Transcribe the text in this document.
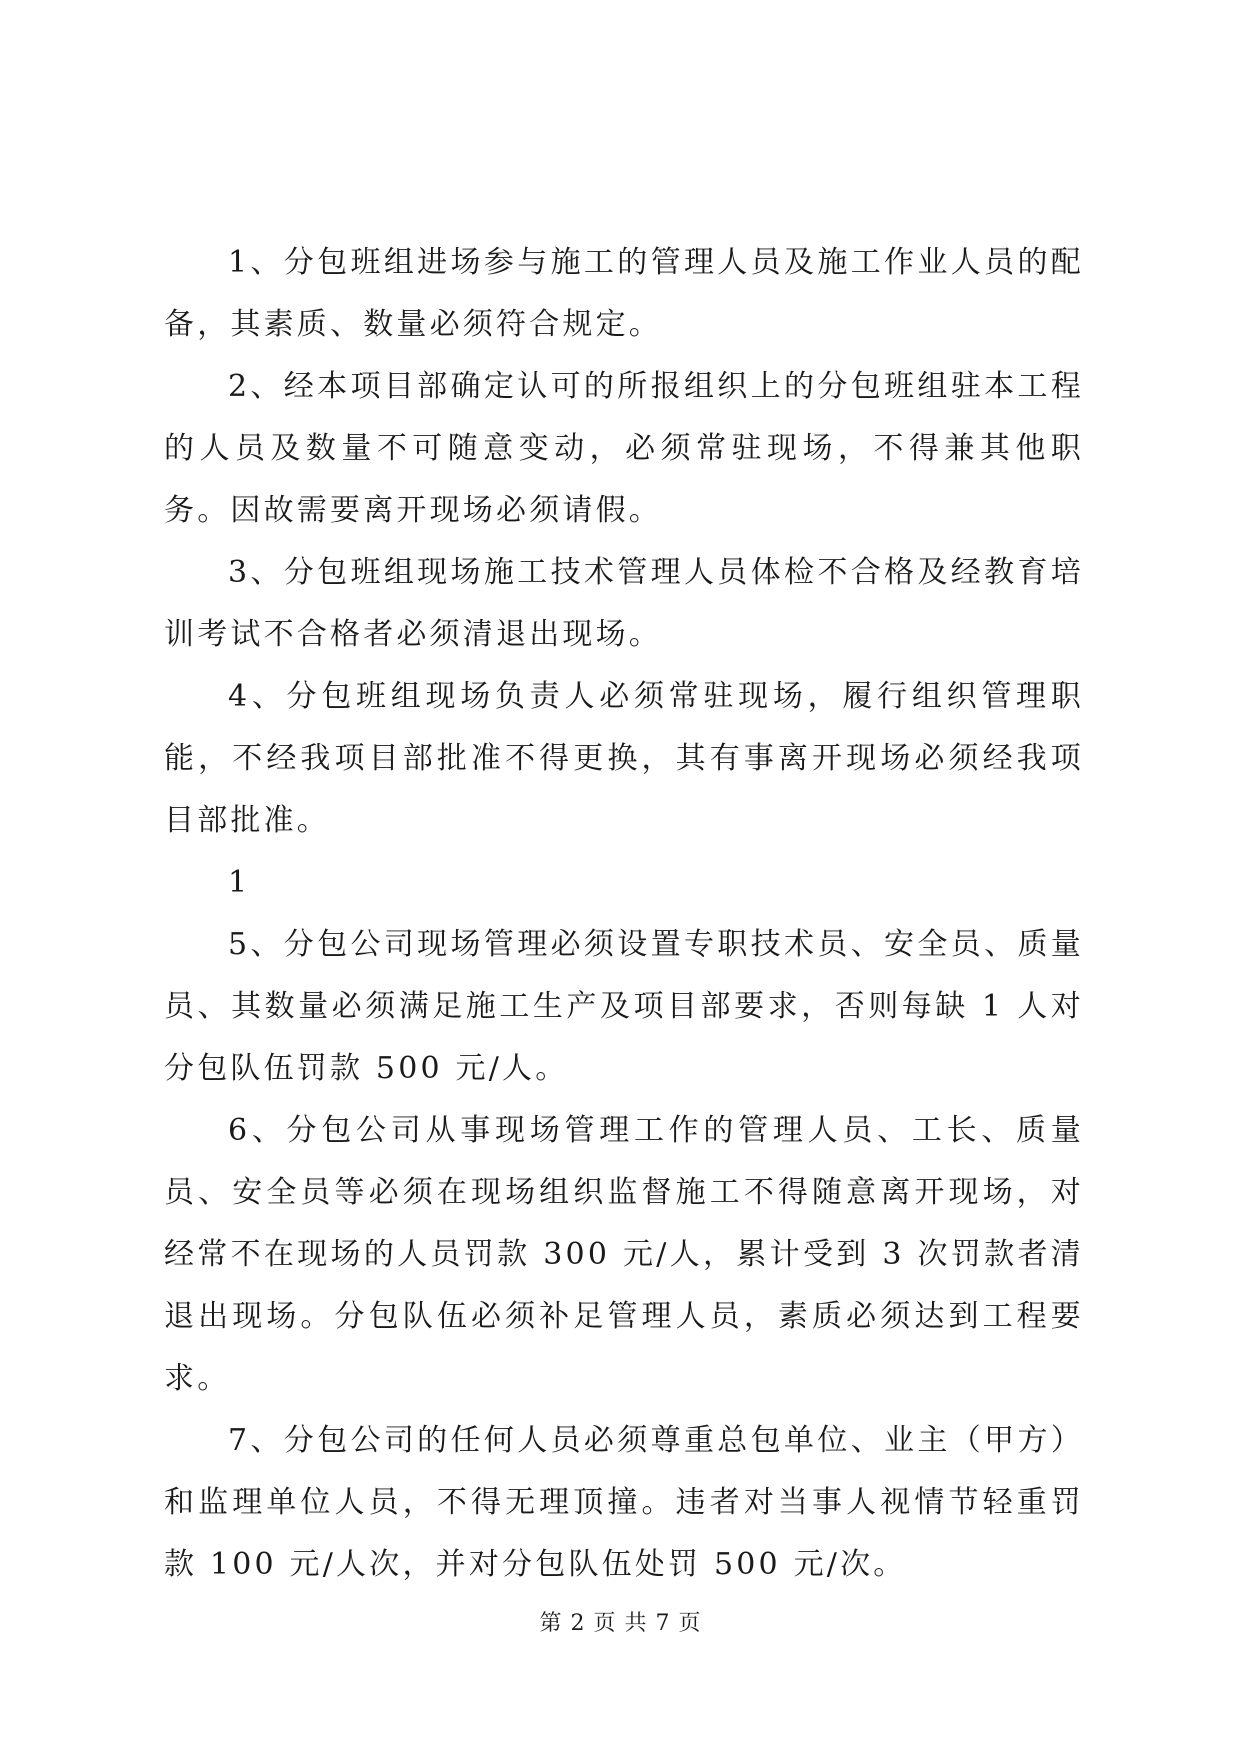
1、分包班组进场参与施工的管理人员及施工作业人员的配备，其素质、数量必须符合规定。

2、经本项目部确定认可的所报组织上的分包班组驻本工程的人员及数量不可随意变动，必须常驻现场，不得兼其他职务。因故需要离开现场必须请假。

3、分包班组现场施工技术管理人员体检不合格及经教育培训考试不合格者必须清退出现场。

4、分包班组现场负责人必须常驻现场，履行组织管理职能，不经我项目部批准不得更换，其有事离开现场必须经我项目部批准。

1

5、分包公司现场管理必须设置专职技术员、安全员、质量员、其数量必须满足施工生产及项目部要求，否则每缺 1 人对分包队伍罚款 500 元/人。

6、分包公司从事现场管理工作的管理人员、工长、质量员、安全员等必须在现场组织监督施工不得随意离开现场，对经常不在现场的人员罚款 300 元/人，累计受到 3 次罚款者清退出现场。分包队伍必须补足管理人员，素质必须达到工程要求。

7、分包公司的任何人员必须尊重总包单位、业主（甲方）和监理单位人员，不得无理顶撞。违者对当事人视情节轻重罚款 100 元/人次，并对分包队伍处罚 500 元/次。

第 2 页 共 7 页
